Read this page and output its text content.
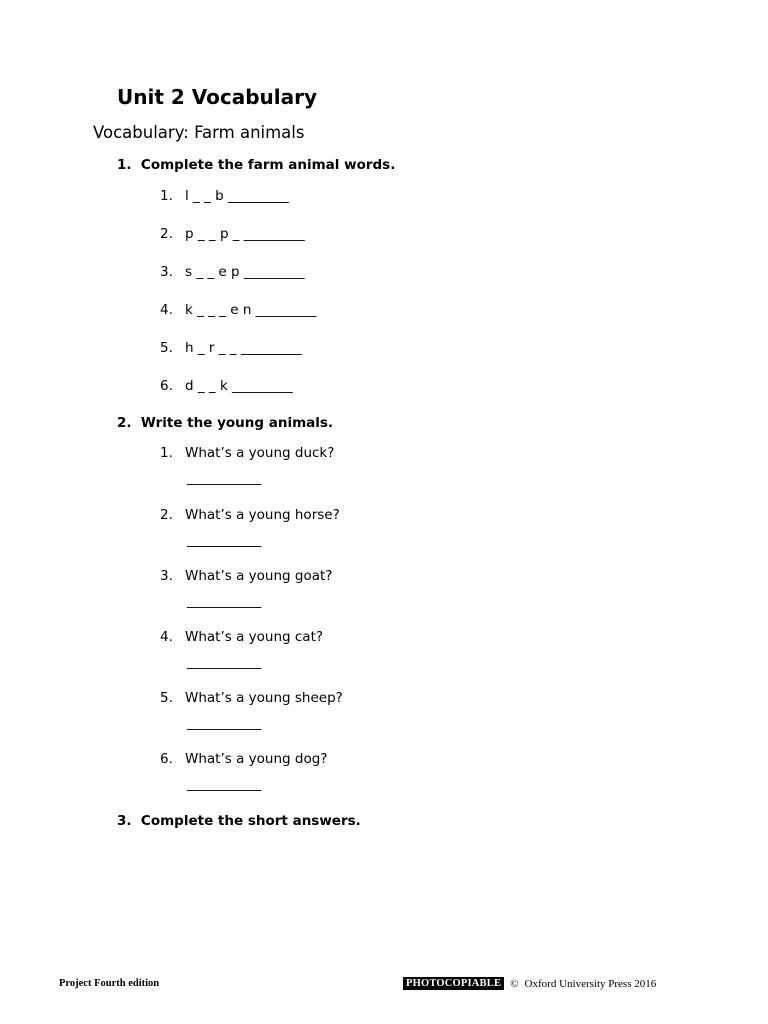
Unit 2 Vocabulary
Vocabulary: Farm animals
1.  Complete the farm animal words.
1. l _ _ b _________
2. p _ _ p _ _________
3. s _ _ e p _________
4. k _ _ _ e n _________
5. h _ r _ _ _________
6. d _ _ k _________
2.  Write the young animals.
1. What’s a young duck?
___________
2. What’s a young horse?
___________
3. What’s a young goat?
___________
4. What’s a young cat?
___________
5. What’s a young sheep?
___________
6. What’s a young dog?
___________
3.  Complete the short answers.
Project Fourth edition	PHOTOCOPIABLE © Oxford University Press 2016
